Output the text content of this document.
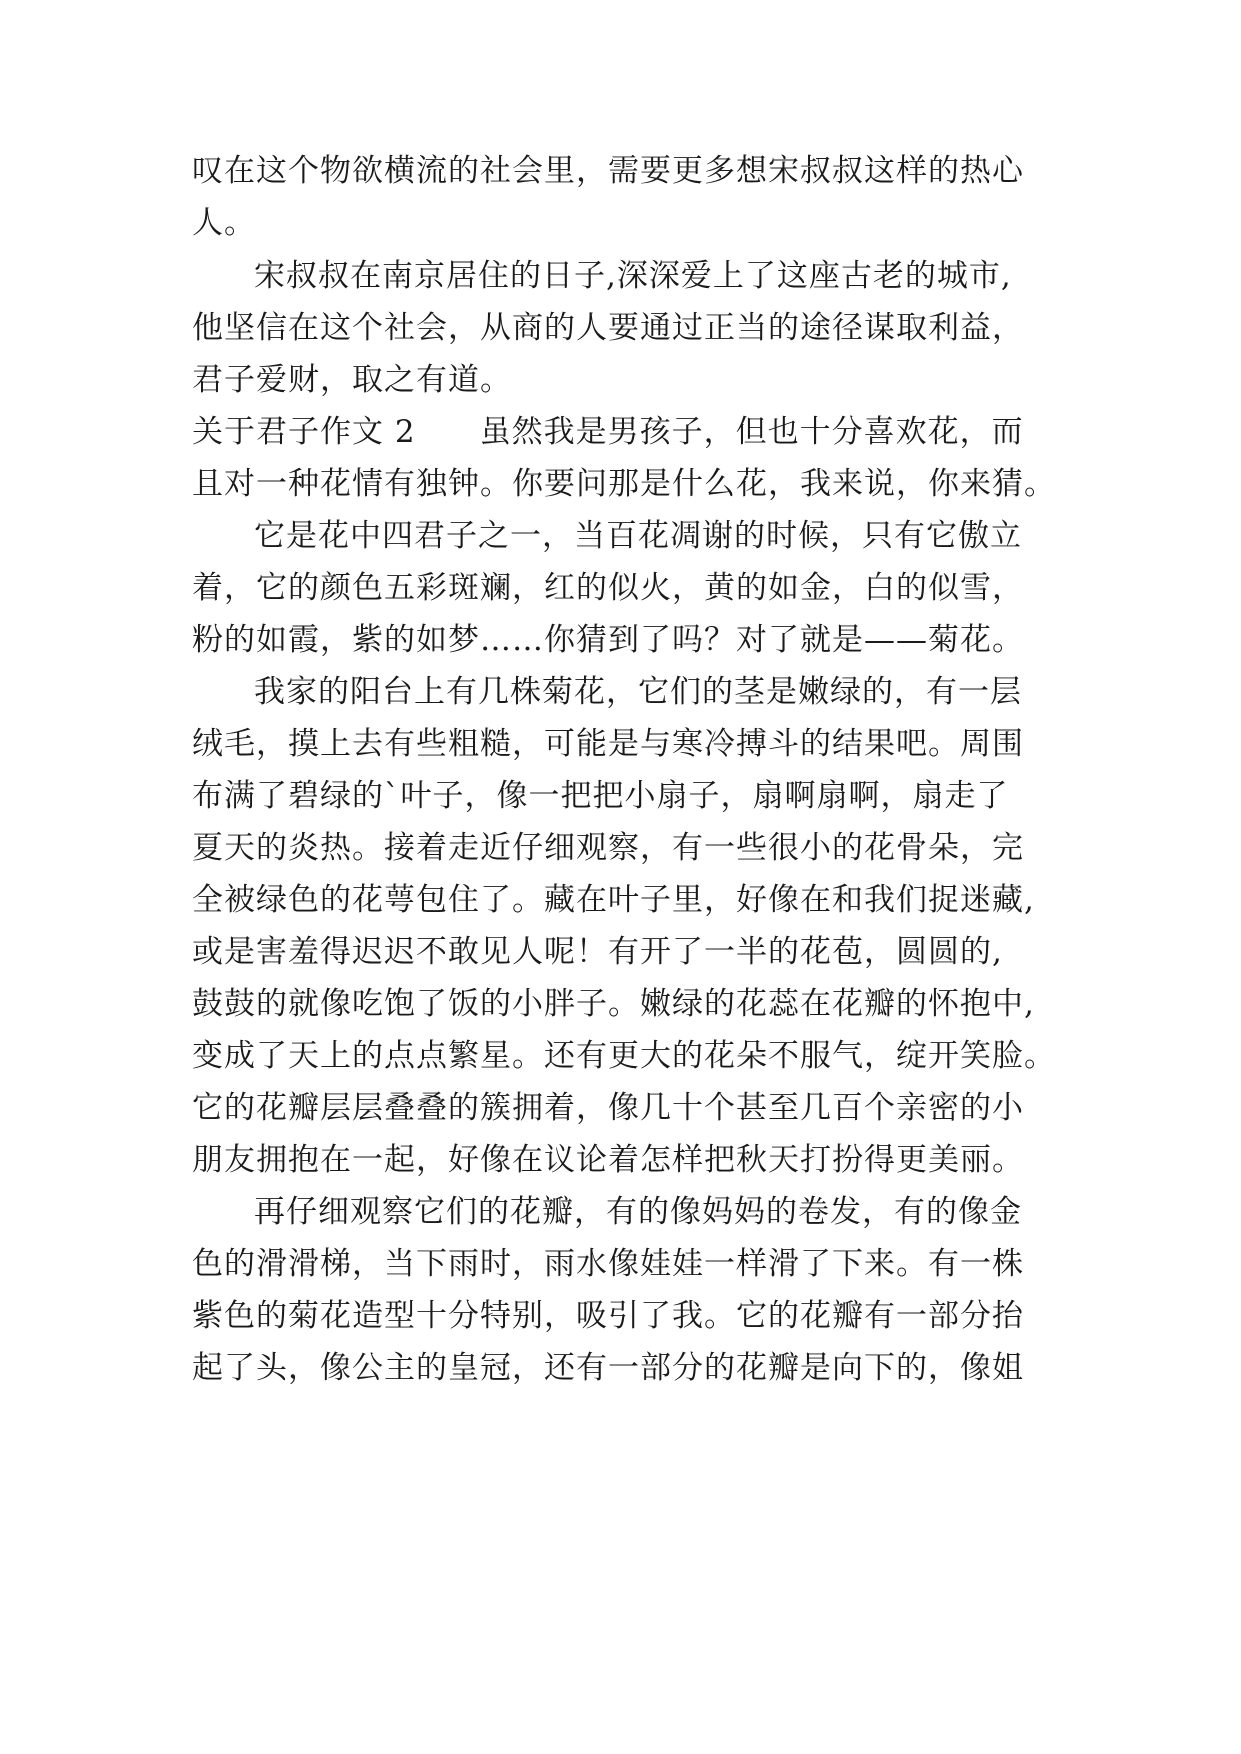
叹在这个物欲横流的社会里，需要更多想宋叔叔这样的热心
人。
宋叔叔在南京居住的日子,深深爱上了这座古老的城市,
他坚信在这个社会，从商的人要通过正当的途径谋取利益，
君子爱财，取之有道。
关于君子作文 2　　虽然我是男孩子，但也十分喜欢花，而
且对一种花情有独钟。你要问那是什么花，我来说，你来猜。
它是花中四君子之一，当百花凋谢的时候，只有它傲立
着，它的颜色五彩斑斓，红的似火，黄的如金，白的似雪，
粉的如霞，紫的如梦……你猜到了吗？对了就是——菊花。
我家的阳台上有几株菊花，它们的茎是嫩绿的，有一层
绒毛，摸上去有些粗糙，可能是与寒冷搏斗的结果吧。周围
布满了碧绿的`叶子，像一把把小扇子，扇啊扇啊，扇走了
夏天的炎热。接着走近仔细观察，有一些很小的花骨朵，完
全被绿色的花萼包住了。藏在叶子里，好像在和我们捉迷藏,
或是害羞得迟迟不敢见人呢！有开了一半的花苞，圆圆的,
鼓鼓的就像吃饱了饭的小胖子。嫩绿的花蕊在花瓣的怀抱中,
变成了天上的点点繁星。还有更大的花朵不服气，绽开笑脸。
它的花瓣层层叠叠的簇拥着，像几十个甚至几百个亲密的小
朋友拥抱在一起，好像在议论着怎样把秋天打扮得更美丽。
再仔细观察它们的花瓣，有的像妈妈的卷发，有的像金
色的滑滑梯，当下雨时，雨水像娃娃一样滑了下来。有一株
紫色的菊花造型十分特别，吸引了我。它的花瓣有一部分抬
起了头，像公主的皇冠，还有一部分的花瓣是向下的，像姐
